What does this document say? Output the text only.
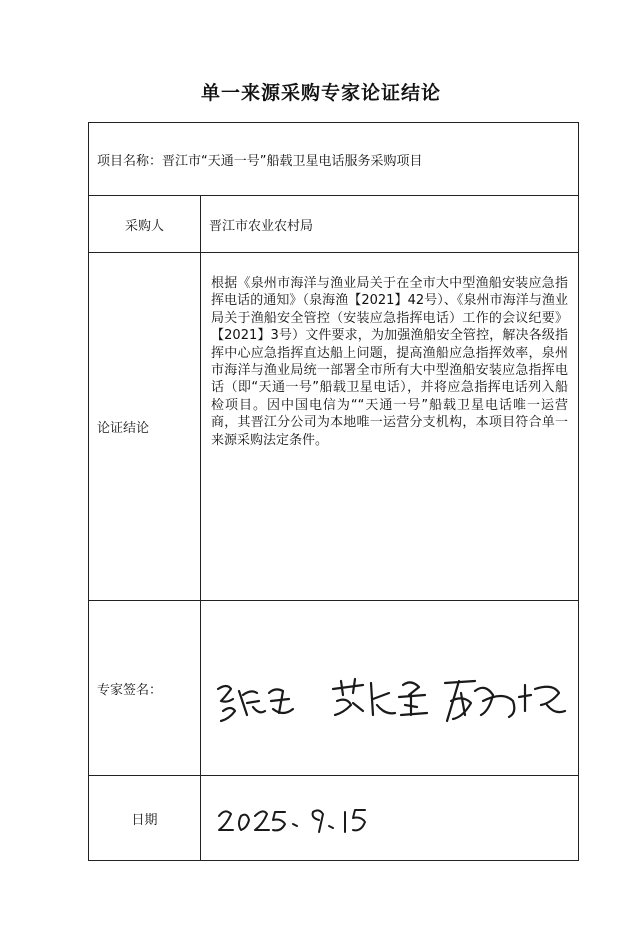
单一来源采购专家论证结论
项目名称：晋江市“天通一号”船载卫星电话服务采购项目	
采购人	晋江市农业农村局
论证结论	根据《泉州市海洋与渔业局关于在全市大中型渔船安装应急指挥电话的通知》（泉海渔【2021】42号）、《泉州市海洋与渔业局关于渔船安全管控（安装应急指挥电话）工作的会议纪要》【2021】3号）文件要求，为加强渔船安全管控，解决各级指挥中心应急指挥直达船上问题，提高渔船应急指挥效率，泉州市海洋与渔业局统一部署全市所有大中型渔船安装应急指挥电话（即“天通一号”船载卫星电话），并将应急指挥电话列入船检项目。因中国电信为““天通一号”船载卫星电话唯一运营商，其晋江分公司为本地唯一运营分支机构，本项目符合单一来源采购法定条件。
专家签名：	

日期	
